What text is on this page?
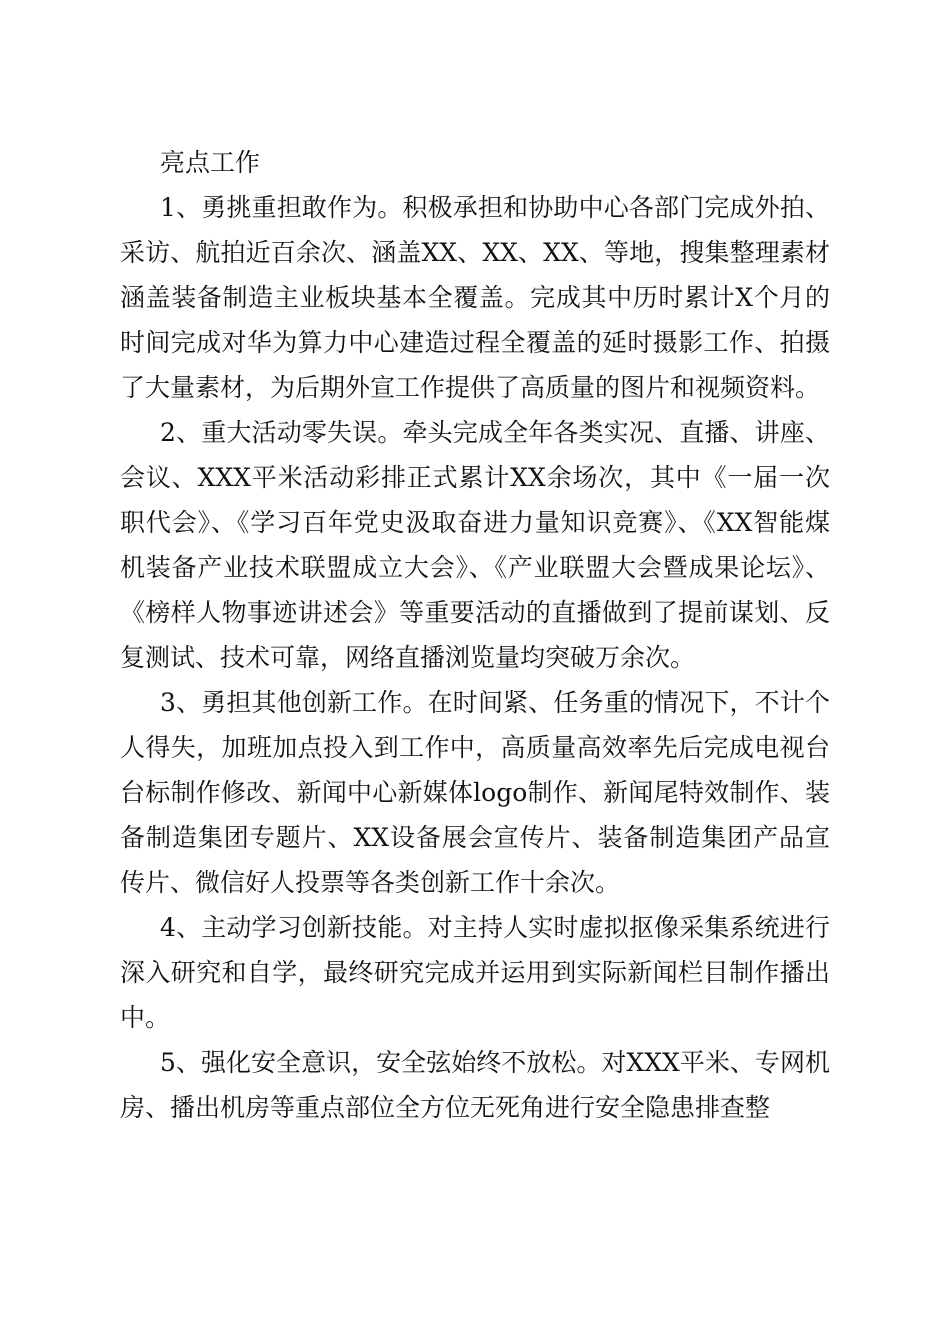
亮点工作

1、勇挑重担敢作为。积极承担和协助中心各部门完成外拍、采访、航拍近百余次、涵盖XX、XX、XX、等地，搜集整理素材涵盖装备制造主业板块基本全覆盖。完成其中历时累计X个月的时间完成对华为算力中心建造过程全覆盖的延时摄影工作、拍摄了大量素材，为后期外宣工作提供了高质量的图片和视频资料。

2、重大活动零失误。牵头完成全年各类实况、直播、讲座、会议、XXX平米活动彩排正式累计XX余场次，其中《一届一次职代会》、《学习百年党史汲取奋进力量知识竞赛》、《XX智能煤机装备产业技术联盟成立大会》、《产业联盟大会暨成果论坛》、《榜样人物事迹讲述会》等重要活动的直播做到了提前谋划、反复测试、技术可靠，网络直播浏览量均突破万余次。

3、勇担其他创新工作。在时间紧、任务重的情况下，不计个人得失，加班加点投入到工作中，高质量高效率先后完成电视台台标制作修改、新闻中心新媒体logo制作、新闻尾特效制作、装备制造集团专题片、XX设备展会宣传片、装备制造集团产品宣传片、微信好人投票等各类创新工作十余次。

4、主动学习创新技能。对主持人实时虚拟抠像采集系统进行深入研究和自学，最终研究完成并运用到实际新闻栏目制作播出中。

5、强化安全意识，安全弦始终不放松。对XXX平米、专网机房、播出机房等重点部位全方位无死角进行安全隐患排查整
